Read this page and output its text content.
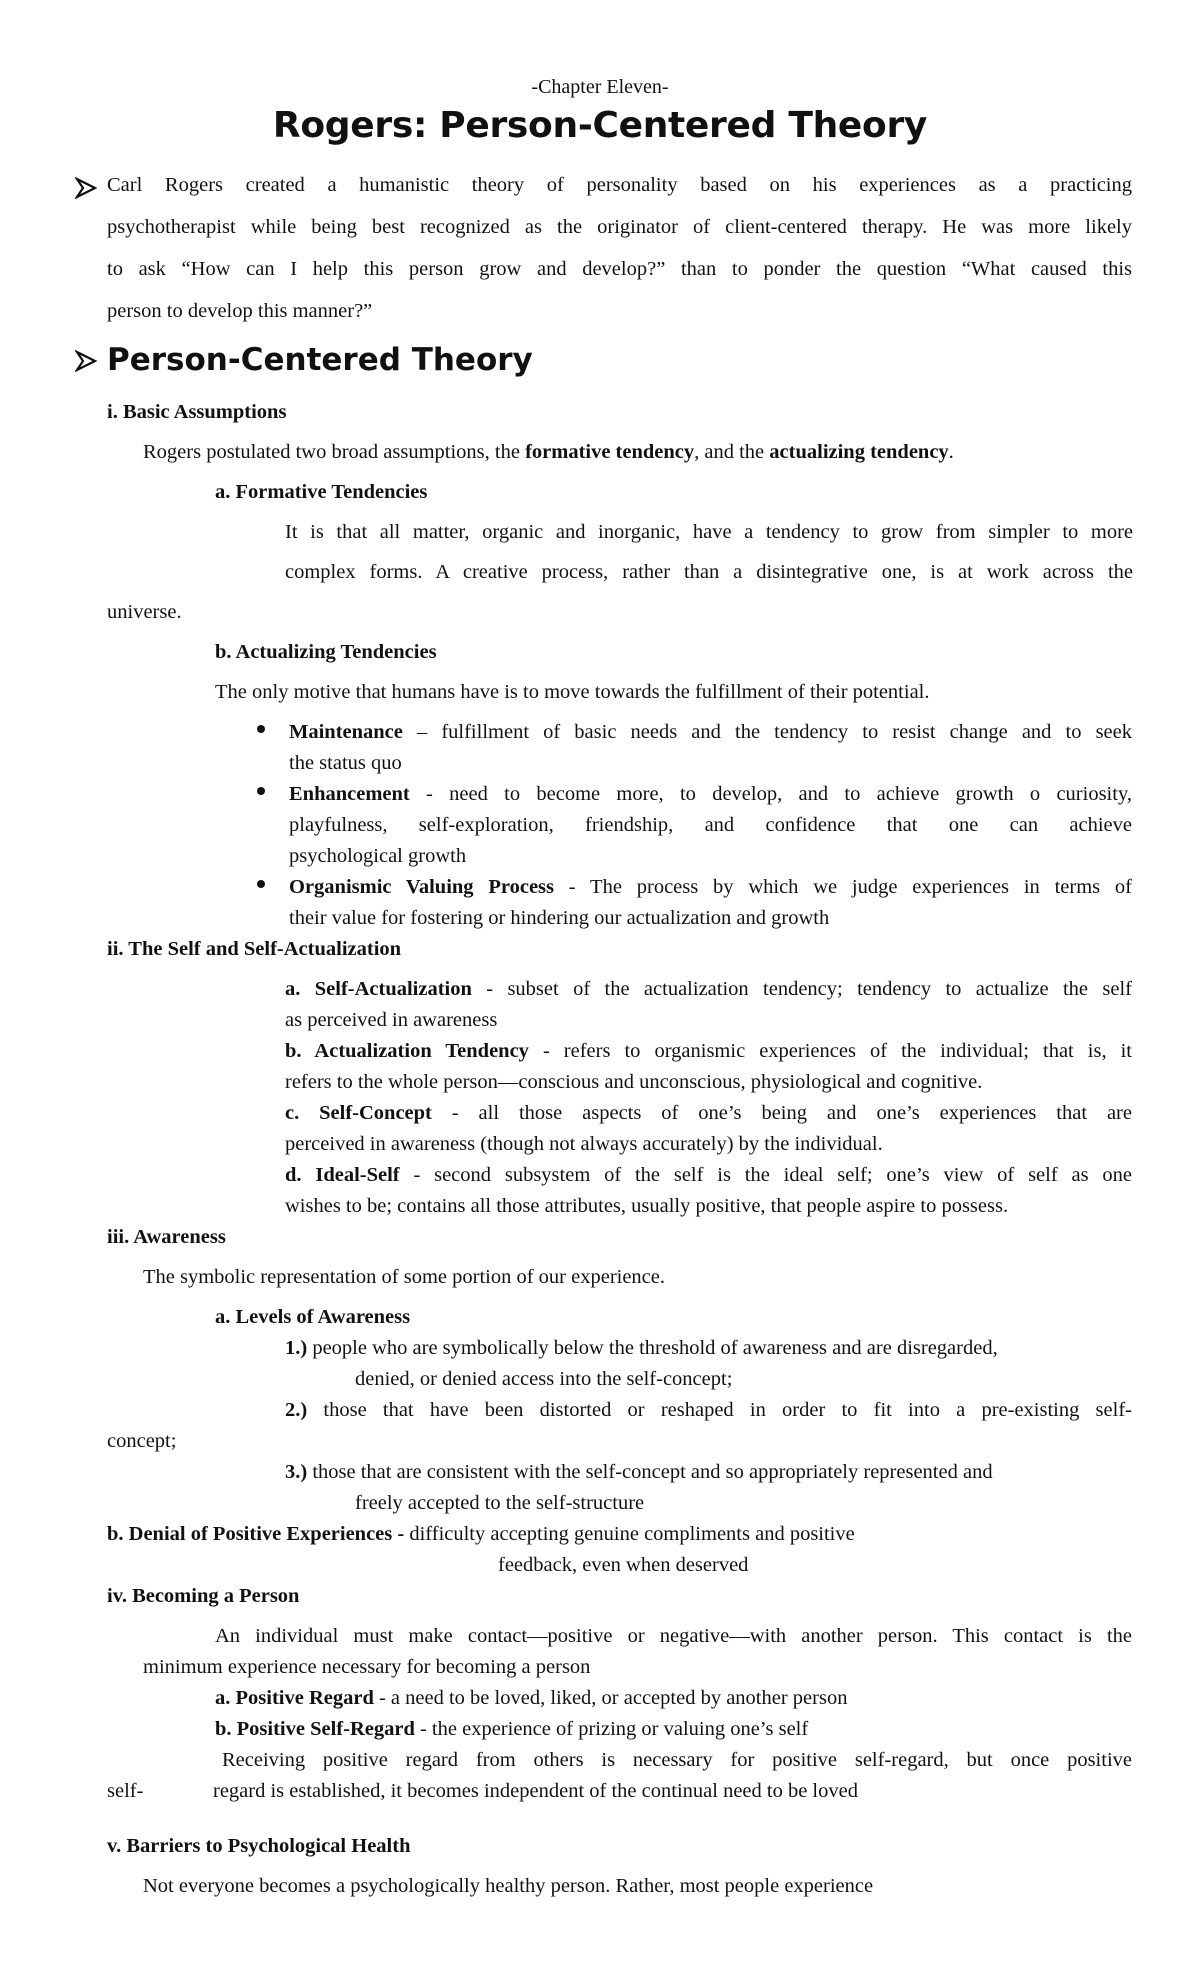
-Chapter Eleven-
Rogers: Person-Centered Theory
Carl Rogers created a humanistic theory of personality based on his experiences as a practicing
psychotherapist while being best recognized as the originator of client-centered therapy. He was more likely
to ask “How can I help this person grow and develop?” than to ponder the question “What caused this
person to develop this manner?”
Person-Centered Theory
i. Basic Assumptions
Rogers postulated two broad assumptions, the formative tendency, and the actualizing tendency.
a. Formative Tendencies
It is that all matter, organic and inorganic, have a tendency to grow from simpler to more
complex forms. A creative process, rather than a disintegrative one, is at work across the
universe.
b. Actualizing Tendencies
The only motive that humans have is to move towards the fulfillment of their potential.
Maintenance – fulfillment of basic needs and the tendency to resist change and to seek
the status quo
Enhancement - need to become more, to develop, and to achieve growth o curiosity,
playfulness, self-exploration, friendship, and confidence that one can achieve
psychological growth
Organismic Valuing Process - The process by which we judge experiences in terms of
their value for fostering or hindering our actualization and growth
ii. The Self and Self-Actualization
a. Self-Actualization - subset of the actualization tendency; tendency to actualize the self
as perceived in awareness
b. Actualization Tendency - refers to organismic experiences of the individual; that is, it
refers to the whole person—conscious and unconscious, physiological and cognitive.
c. Self-Concept - all those aspects of one’s being and one’s experiences that are
perceived in awareness (though not always accurately) by the individual.
d. Ideal-Self - second subsystem of the self is the ideal self; one’s view of self as one
wishes to be; contains all those attributes, usually positive, that people aspire to possess.
iii. Awareness
The symbolic representation of some portion of our experience.
a. Levels of Awareness
1.) people who are symbolically below the threshold of awareness and are disregarded,
denied, or denied access into the self-concept;
2.) those that have been distorted or reshaped in order to fit into a pre-existing self-
concept;
3.) those that are consistent with the self-concept and so appropriately represented and
freely accepted to the self-structure
b. Denial of Positive Experiences - difficulty accepting genuine compliments and positive
feedback, even when deserved
iv. Becoming a Person
An individual must make contact—positive or negative—with another person. This contact is the
minimum experience necessary for becoming a person
a. Positive Regard - a need to be loved, liked, or accepted by another person
b. Positive Self-Regard - the experience of prizing or valuing one’s self
Receiving positive regard from others is necessary for positive self-regard, but once positive
self-	regard is established, it becomes independent of the continual need to be loved
v. Barriers to Psychological Health
Not everyone becomes a psychologically healthy person. Rather, most people experience
